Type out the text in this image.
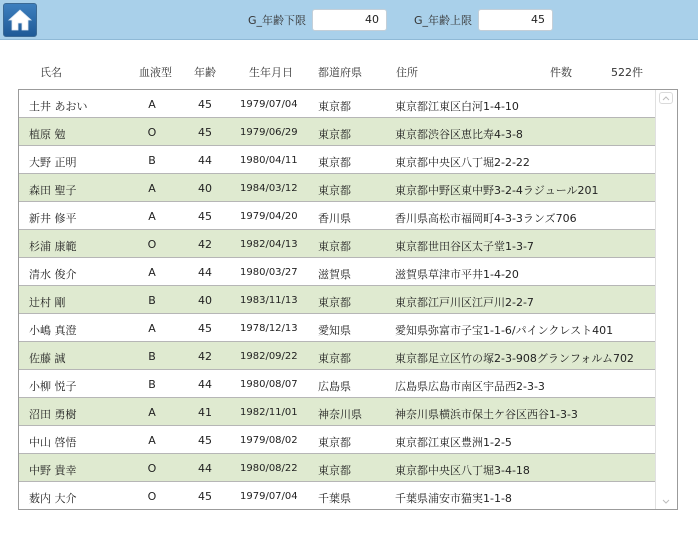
G_年齢下限	40	G_年齢上限	45
氏名	血液型 年齢	生年月日 都道府県	住所	件数	522件
土井 あおい	A	45	1979/07/04 東京都	東京都江東区白河1-4-10
植原 勉	O	45	1979/06/29 東京都	東京都渋谷区恵比寿4-3-8
大野 正明	B	44	1980/04/11 東京都	東京都中央区八丁堀2-2-22
森田 聖子	A	40	1984/03/12 東京都	東京都中野区東中野3-2-4ラジュール201
新井 修平	A	45	1979/04/20 香川県	香川県高松市福岡町4-3-3ランズ706
杉浦 康範	O	42	1982/04/13 東京都	東京都世田谷区太子堂1-3-7
清水 俊介	A	44	1980/03/27 滋賀県	滋賀県草津市平井1-4-20
辻村 剛	B	40	1983/11/13 東京都	東京都江戸川区江戸川2-2-7
小嶋 真澄	A	45	1978/12/13 愛知県	愛知県弥富市子宝1-1-6/パインクレスト401
佐藤 誠	B	42	1982/09/22 東京都	東京都足立区竹の塚2-3-908グランフォルム702
小柳 悦子	B	44	1980/08/07 広島県	広島県広島市南区宇品西2-3-3
沼田 勇樹	A	41	1982/11/01 神奈川県	神奈川県横浜市保土ケ谷区西谷1-3-3
中山 啓悟	A	45	1979/08/02 東京都	東京都江東区豊洲1-2-5
中野 貴幸	O	44	1980/08/22 東京都	東京都中央区八丁堀3-4-18
薮内 大介	O	45	1979/07/04 千葉県	千葉県浦安市猫実1-1-8
